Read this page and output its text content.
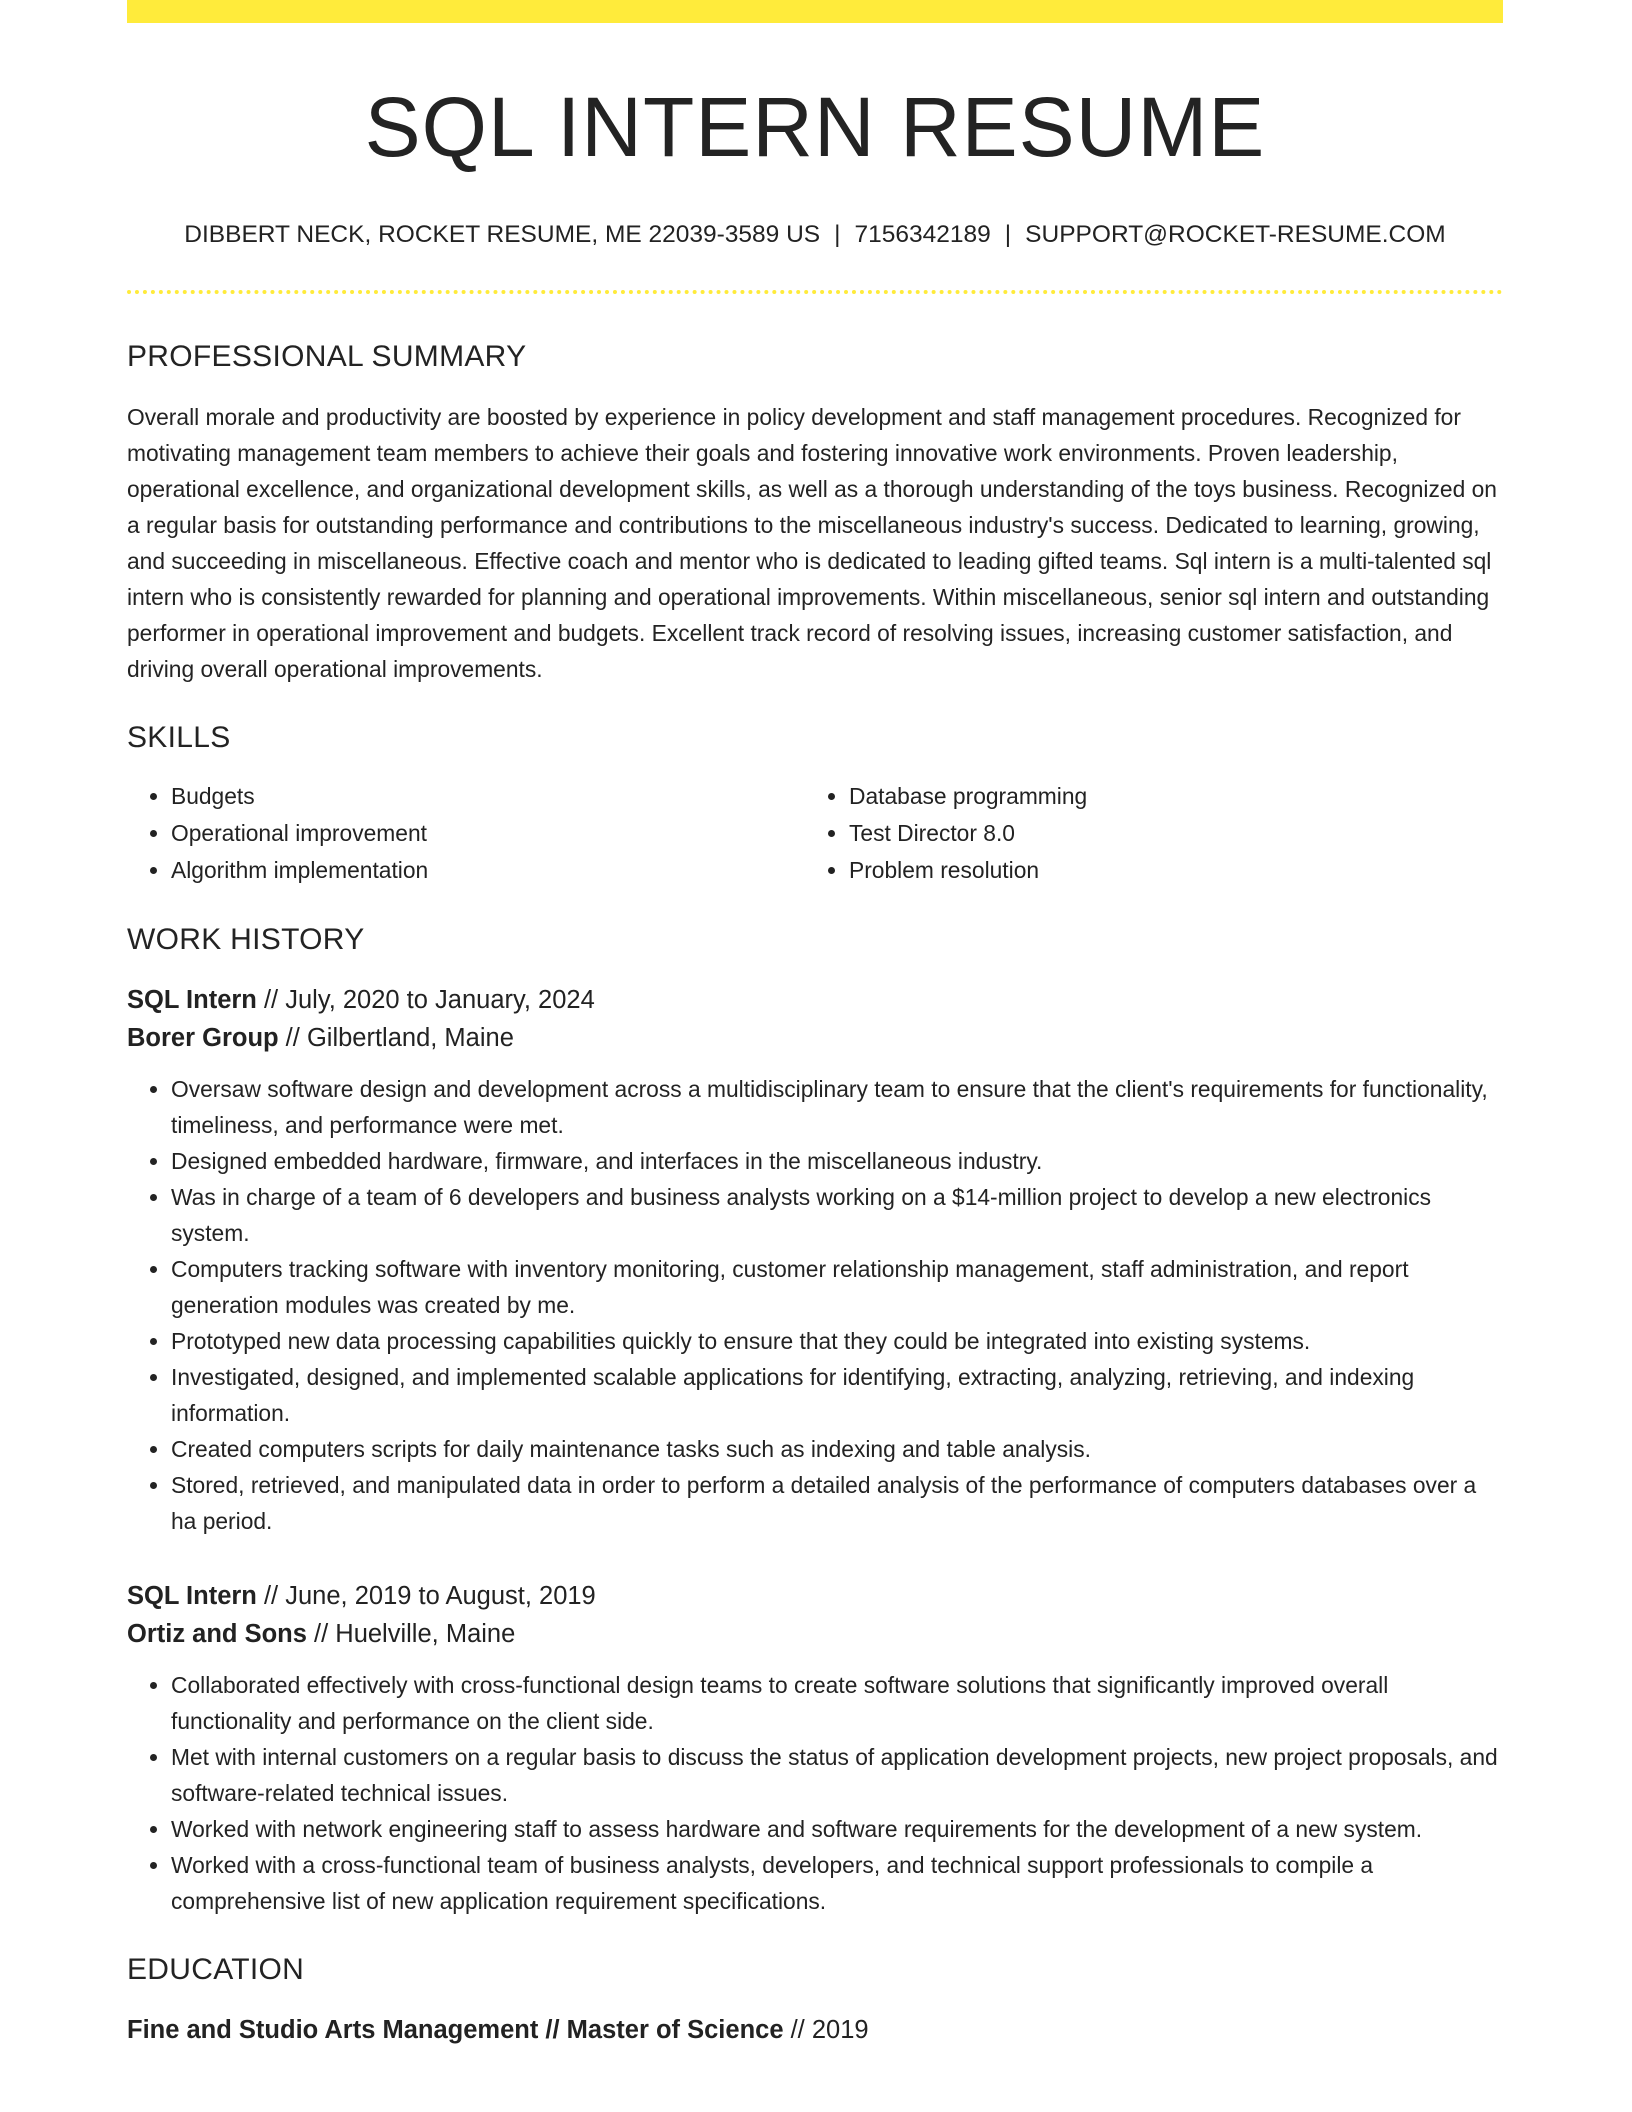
SQL INTERN RESUME
DIBBERT NECK, ROCKET RESUME, ME 22039-3589 US | 7156342189 | SUPPORT@ROCKET-RESUME.COM
PROFESSIONAL SUMMARY

Overall morale and productivity are boosted by experience in policy development and staff management procedures. Recognized for motivating management team members to achieve their goals and fostering innovative work environments. Proven leadership, operational excellence, and organizational development skills, as well as a thorough understanding of the toys business. Recognized on a regular basis for outstanding performance and contributions to the miscellaneous industry's success. Dedicated to learning, growing, and succeeding in miscellaneous. Effective coach and mentor who is dedicated to leading gifted teams. Sql intern is a multi-talented sql intern who is consistently rewarded for planning and operational improvements. Within miscellaneous, senior sql intern and outstanding performer in operational improvement and budgets. Excellent track record of resolving issues, increasing customer satisfaction, and driving overall operational improvements.

SKILLS
• Budgets
• Operational improvement
• Algorithm implementation
• Database programming
• Test Director 8.0
• Problem resolution
WORK HISTORY
SQL Intern // July, 2020 to January, 2024
Borer Group // Gilbertland, Maine
• Oversaw software design and development across a multidisciplinary team to ensure that the client's requirements for functionality, timeliness, and performance were met.
• Designed embedded hardware, firmware, and interfaces in the miscellaneous industry.
• Was in charge of a team of 6 developers and business analysts working on a $14-million project to develop a new electronics system.
• Computers tracking software with inventory monitoring, customer relationship management, staff administration, and report generation modules was created by me.
• Prototyped new data processing capabilities quickly to ensure that they could be integrated into existing systems.
• Investigated, designed, and implemented scalable applications for identifying, extracting, analyzing, retrieving, and indexing information.
• Created computers scripts for daily maintenance tasks such as indexing and table analysis.
• Stored, retrieved, and manipulated data in order to perform a detailed analysis of the performance of computers databases over a ha period.
SQL Intern // June, 2019 to August, 2019
Ortiz and Sons // Huelville, Maine
• Collaborated effectively with cross-functional design teams to create software solutions that significantly improved overall functionality and performance on the client side.
• Met with internal customers on a regular basis to discuss the status of application development projects, new project proposals, and software-related technical issues.
• Worked with network engineering staff to assess hardware and software requirements for the development of a new system.
• Worked with a cross-functional team of business analysts, developers, and technical support professionals to compile a comprehensive list of new application requirement specifications.
EDUCATION
Fine and Studio Arts Management // Master of Science // 2019
